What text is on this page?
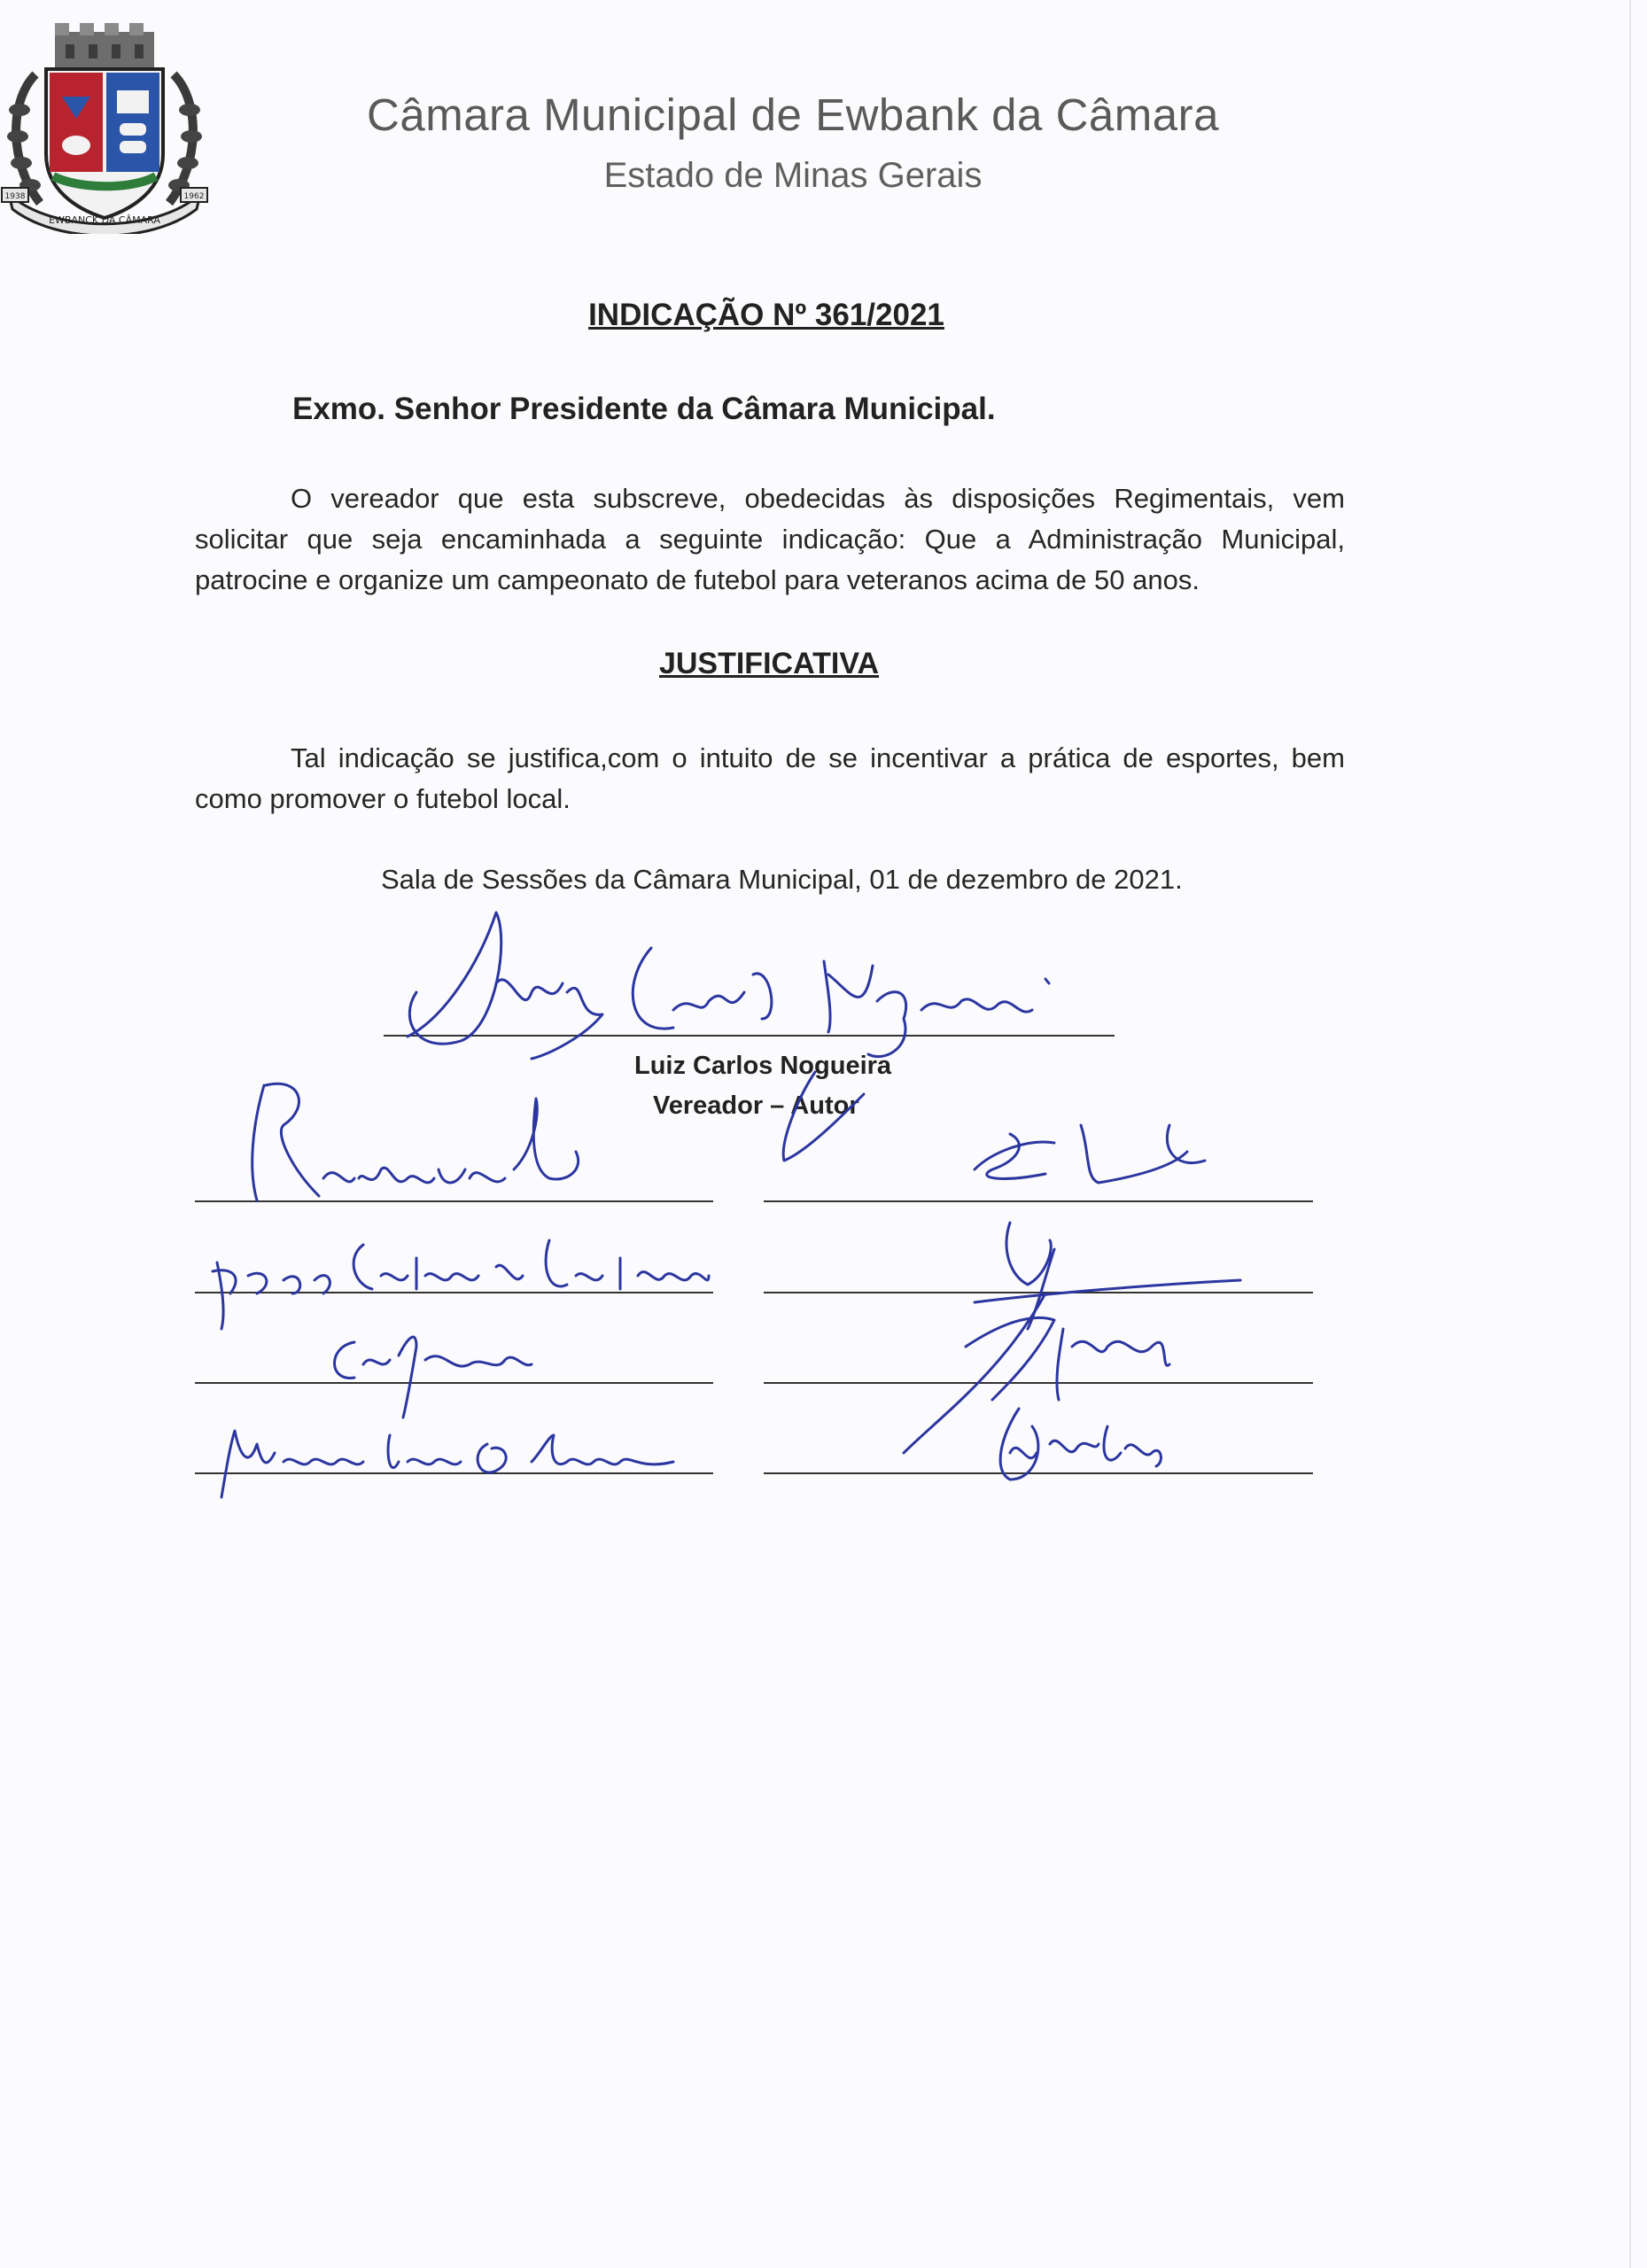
EWBANCK DA CÂMARA
1938	1962
Câmara Municipal de Ewbank da Câmara

Estado de Minas Gerais

INDICAÇÃO Nº 361/2021

Exmo. Senhor Presidente da Câmara Municipal.

O vereador que esta subscreve, obedecidas às disposições Regimentais, vem solicitar que seja encaminhada a seguinte indicação: Que a Administração Municipal, patrocine e organize um campeonato de futebol para veteranos acima de 50 anos.

JUSTIFICATIVA

Tal indicação se justifica,com o intuito de se incentivar a prática de esportes, bem como promover o futebol local.

Sala de Sessões da Câmara Municipal, 01 de dezembro de 2021.

Luiz Carlos Nogueira

Vereador – Autor
